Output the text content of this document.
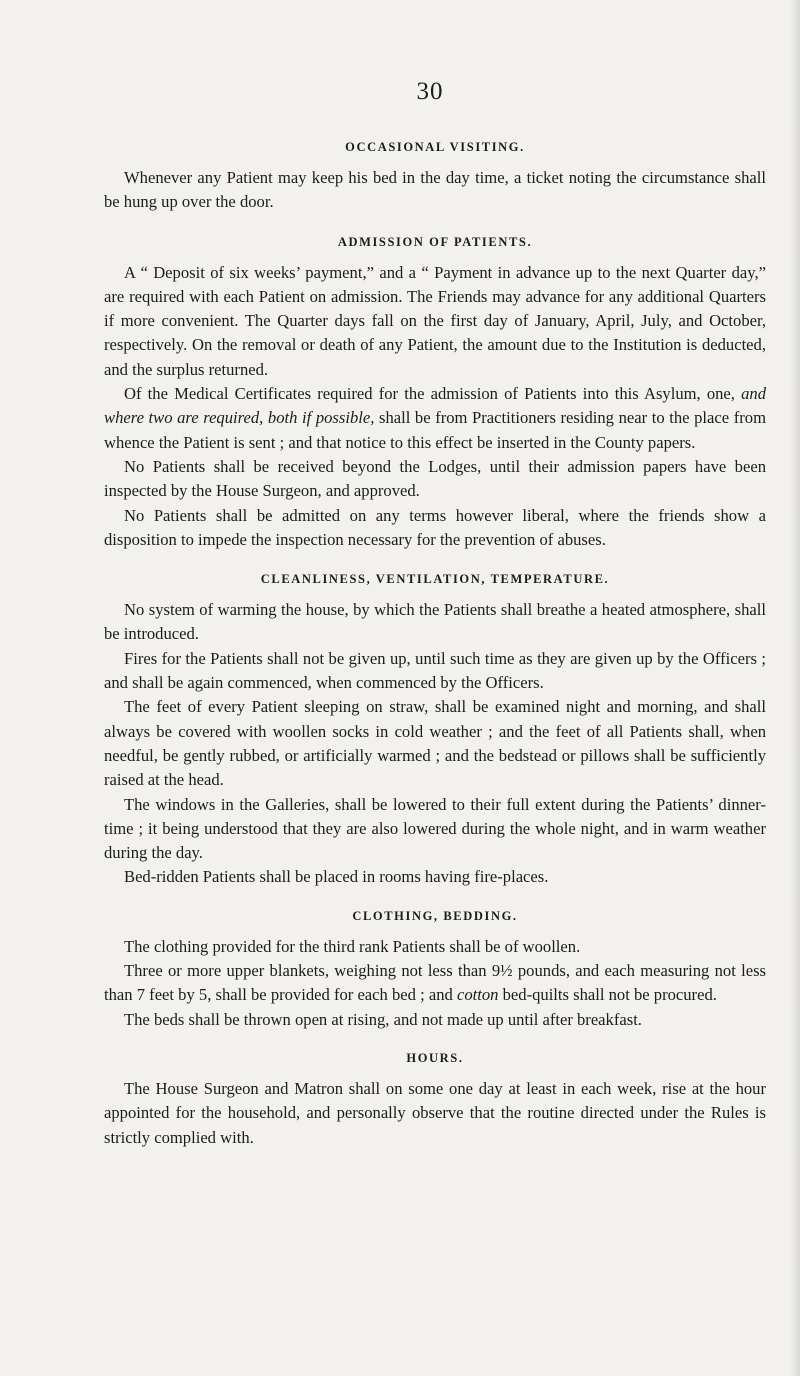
30

OCCASIONAL VISITING.

Whenever any Patient may keep his bed in the day time, a ticket noting the circumstance shall be hung up over the door.

ADMISSION OF PATIENTS.

A “ Deposit of six weeks’ payment,” and a “ Payment in advance up to the next Quarter day,” are required with each Patient on admission. The Friends may advance for any additional Quarters if more convenient. The Quarter days fall on the first day of January, April, July, and October, respectively. On the removal or death of any Patient, the amount due to the Institution is deducted, and the surplus returned.

Of the Medical Certificates required for the admission of Patients into this Asylum, one, and where two are required, both if possible, shall be from Practitioners residing near to the place from whence the Patient is sent ; and that notice to this effect be inserted in the County papers.

No Patients shall be received beyond the Lodges, until their admission papers have been inspected by the House Surgeon, and approved.

No Patients shall be admitted on any terms however liberal, where the friends show a disposition to impede the inspection necessary for the prevention of abuses.

CLEANLINESS, VENTILATION, TEMPERATURE.

No system of warming the house, by which the Patients shall breathe a heated atmosphere, shall be introduced.

Fires for the Patients shall not be given up, until such time as they are given up by the Officers ; and shall be again commenced, when commenced by the Officers.

The feet of every Patient sleeping on straw, shall be examined night and morning, and shall always be covered with woollen socks in cold weather ; and the feet of all Patients shall, when needful, be gently rubbed, or artificially warmed ; and the bedstead or pillows shall be sufficiently raised at the head.

The windows in the Galleries, shall be lowered to their full extent during the Patients’ dinner-time ; it being understood that they are also lowered during the whole night, and in warm weather during the day.

Bed-ridden Patients shall be placed in rooms having fire-places.

CLOTHING, BEDDING.

The clothing provided for the third rank Patients shall be of woollen.

Three or more upper blankets, weighing not less than 9½ pounds, and each measuring not less than 7 feet by 5, shall be provided for each bed ; and cotton bed-quilts shall not be procured.

The beds shall be thrown open at rising, and not made up until after breakfast.

HOURS.

The House Surgeon and Matron shall on some one day at least in each week, rise at the hour appointed for the household, and personally observe that the routine directed under the Rules is strictly complied with.
